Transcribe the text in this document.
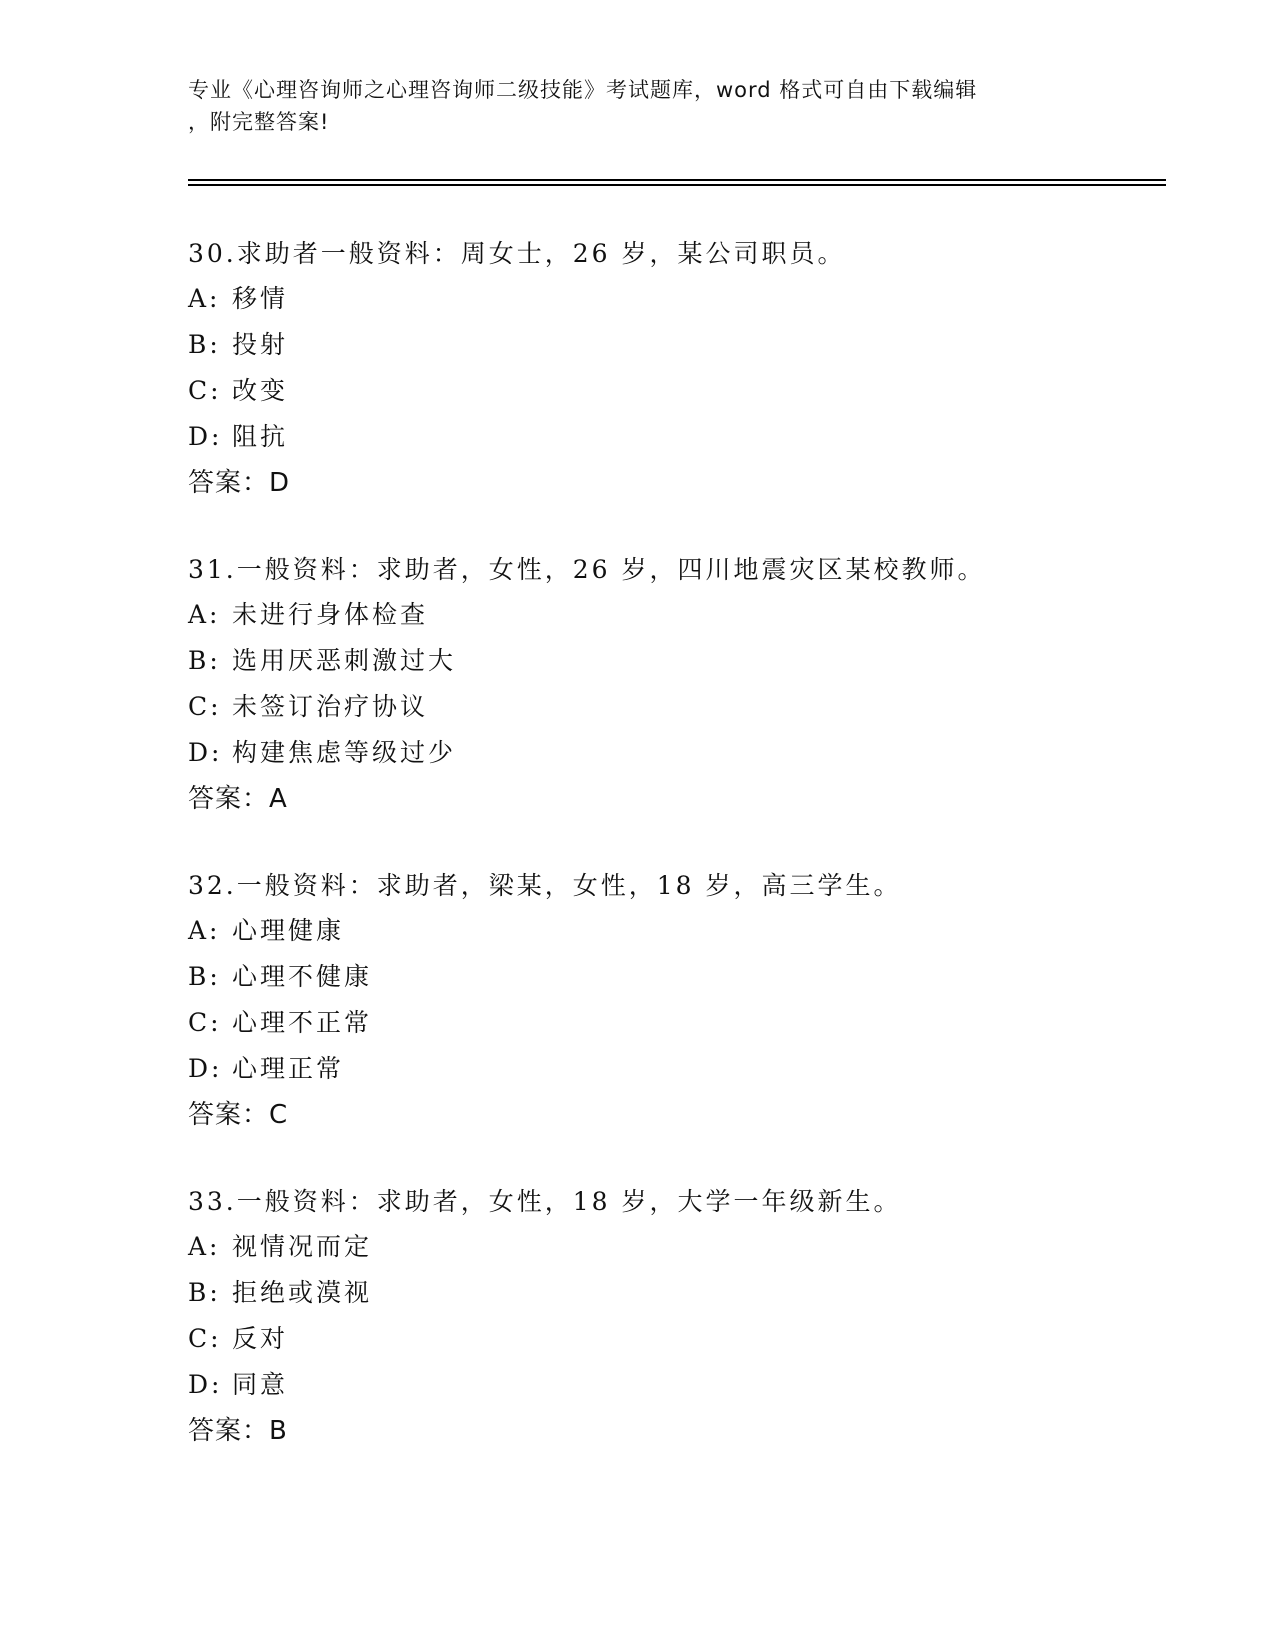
专业《心理咨询师之心理咨询师二级技能》考试题库，word 格式可自由下载编辑
，附完整答案!
30.求助者一般资料：周女士，26 岁，某公司职员。
A: 移情
B: 投射
C: 改变
D: 阻抗
答案：D
31.一般资料：求助者，女性，26 岁，四川地震灾区某校教师。
A: 未进行身体检查
B: 选用厌恶刺激过大
C: 未签订治疗协议
D: 构建焦虑等级过少
答案：A
32.一般资料：求助者，梁某，女性，18 岁，高三学生。
A: 心理健康
B: 心理不健康
C: 心理不正常
D: 心理正常
答案：C
33.一般资料：求助者，女性，18 岁，大学一年级新生。
A: 视情况而定
B: 拒绝或漠视
C: 反对
D: 同意
答案：B
